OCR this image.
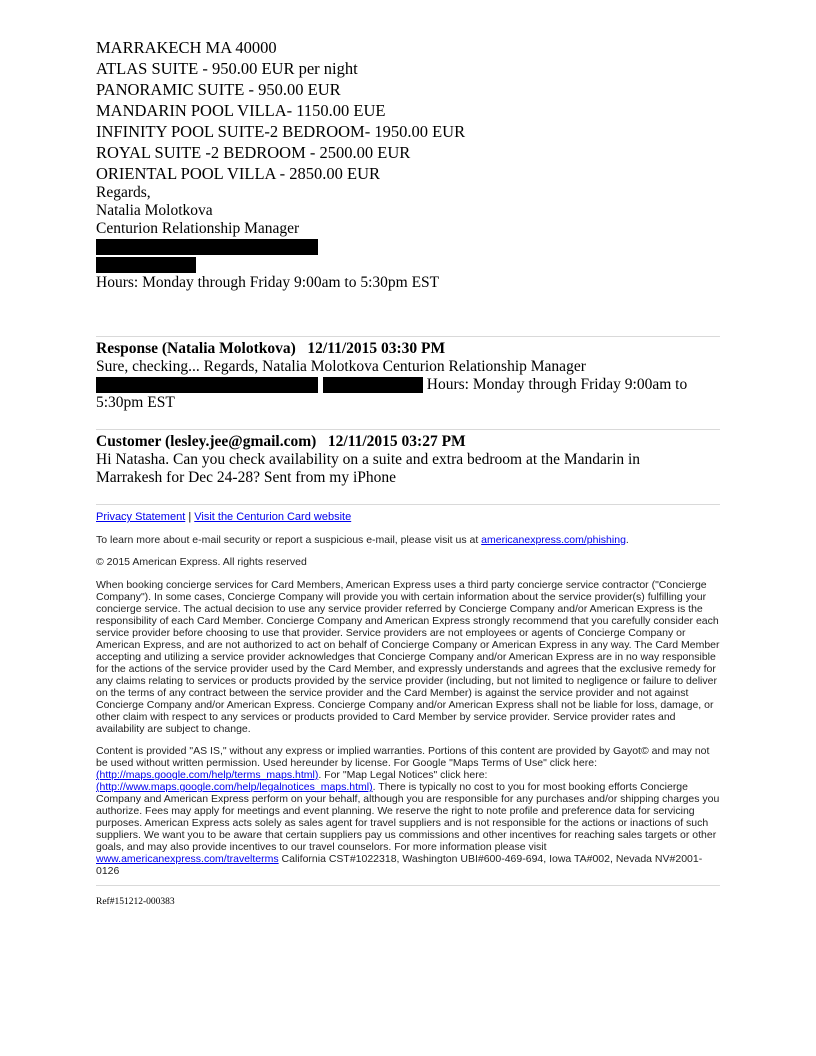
MARRAKECH MA 40000
ATLAS SUITE - 950.00 EUR per night
PANORAMIC SUITE - 950.00 EUR
MANDARIN POOL VILLA- 1150.00 EUE
INFINITY POOL SUITE-2 BEDROOM- 1950.00 EUR
ROYAL SUITE -2 BEDROOM - 2500.00 EUR
ORIENTAL POOL VILLA - 2850.00 EUR
Regards,
Natalia Molotkova
Centurion Relationship Manager
Hours: Monday through Friday 9:00am to 5:30pm EST
Response (Natalia Molotkova)   12/11/2015 03:30 PM
Sure, checking... Regards, Natalia Molotkova Centurion Relationship Manager
Hours: Monday through Friday 9:00am to
5:30pm EST
Customer (lesley.jee@gmail.com)   12/11/2015 03:27 PM
Hi Natasha. Can you check availability on a suite and extra bedroom at the Mandarin in Marrakesh for Dec 24-28? Sent from my iPhone
Privacy Statement | Visit the Centurion Card website

To learn more about e-mail security or report a suspicious e-mail, please visit us at americanexpress.com/phishing.

© 2015 American Express. All rights reserved

When booking concierge services for Card Members, American Express uses a third party concierge service contractor ("Concierge Company"). In some cases, Concierge Company will provide you with certain information about the service provider(s) fulfilling your concierge service. The actual decision to use any service provider referred by Concierge Company and/or American Express is the responsibility of each Card Member. Concierge Company and American Express strongly recommend that you carefully consider each service provider before choosing to use that provider. Service providers are not employees or agents of Concierge Company or American Express, and are not authorized to act on behalf of Concierge Company or American Express in any way. The Card Member accepting and utilizing a service provider acknowledges that Concierge Company and/or American Express are in no way responsible for the actions of the service provider used by the Card Member, and expressly understands and agrees that the exclusive remedy for any claims relating to services or products provided by the service provider (including, but not limited to negligence or failure to deliver on the terms of any contract between the service provider and the Card Member) is against the service provider and not against Concierge Company and/or American Express. Concierge Company and/or American Express shall not be liable for loss, damage, or other claim with respect to any services or products provided to Card Member by service provider. Service provider rates and availability are subject to change.

Content is provided "AS IS," without any express or implied warranties. Portions of this content are provided by Gayot© and may not be used without written permission. Used hereunder by license. For Google "Maps Terms of Use" click here: (http://maps.google.com/help/terms_maps.html). For "Map Legal Notices" click here: (http://www.maps.google.com/help/legalnotices_maps.html). There is typically no cost to you for most booking efforts Concierge Company and American Express perform on your behalf, although you are responsible for any purchases and/or shipping charges you authorize. Fees may apply for meetings and event planning. We reserve the right to note profile and preference data for servicing purposes. American Express acts solely as sales agent for travel suppliers and is not responsible for the actions or inactions of such suppliers. We want you to be aware that certain suppliers pay us commissions and other incentives for reaching sales targets or other goals, and may also provide incentives to our travel counselors. For more information please visit www.americanexpress.com/travelterms California CST#1022318, Washington UBI#600-469-694, Iowa TA#002, Nevada NV#2001-0126

Ref#151212-000383
